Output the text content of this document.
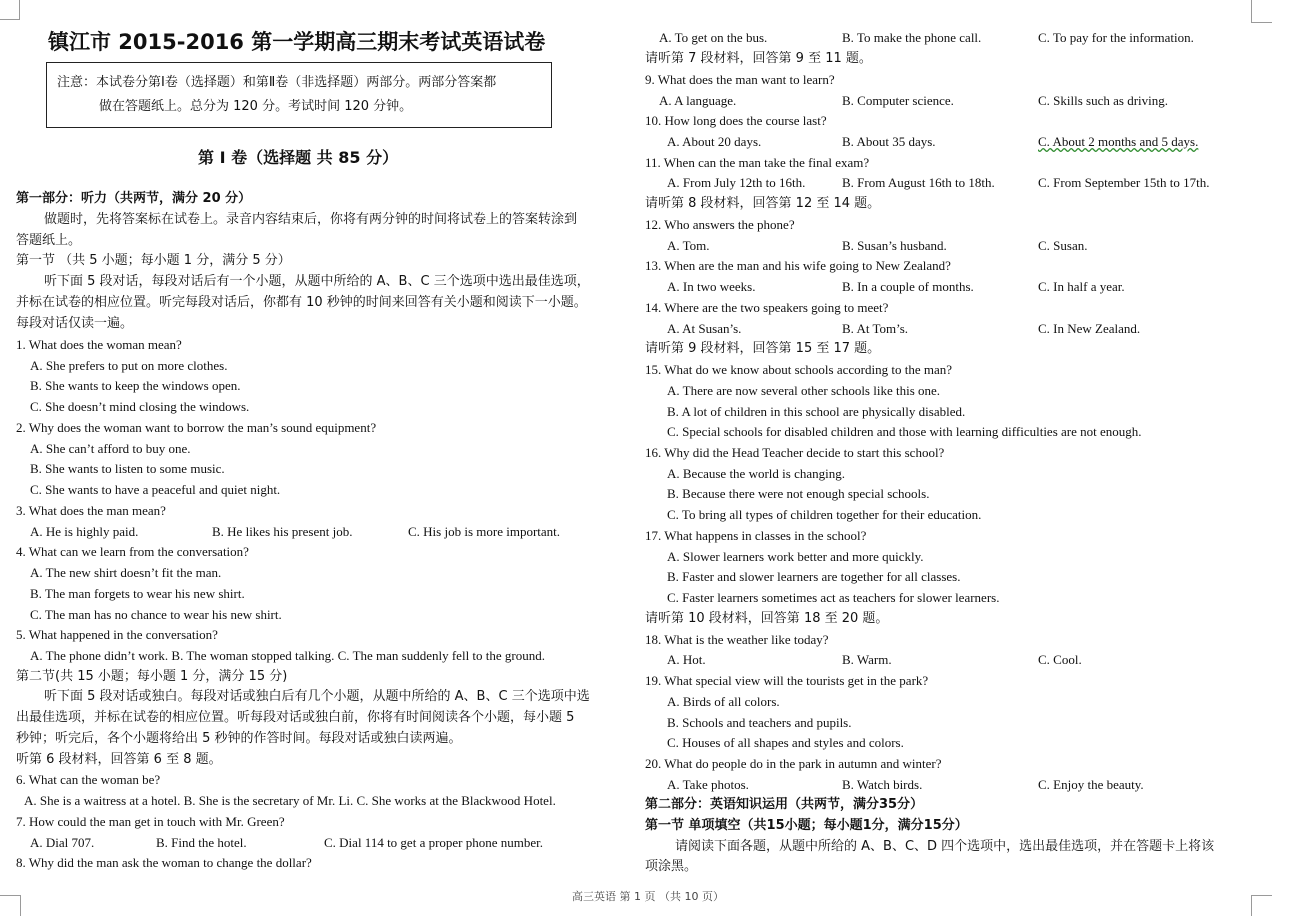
镇江市 2015-2016 第一学期高三期末考试英语试卷
注意：本试卷分第Ⅰ卷（选择题）和第Ⅱ卷（非选择题）两部分。两部分答案都
做在答题纸上。总分为 120 分。考试时间 120 分钟。
第 I 卷（选择题 共 85 分）
第一部分：听力（共两节，满分 20 分）
做题时，先将答案标在试卷上。录音内容结束后，你将有两分钟的时间将试卷上的答案转涂到
答题纸上。
第一节 （共 5 小题；每小题 1 分，满分 5 分）
听下面 5 段对话，每段对话后有一个小题，从题中所给的 A、B、C 三个选项中选出最佳选项，
并标在试卷的相应位置。听完每段对话后，你都有 10 秒钟的时间来回答有关小题和阅读下一小题。
每段对话仅读一遍。
1. What does the woman mean?
A. She prefers to put on more clothes.
B. She wants to keep the windows open.
C. She doesn’t mind closing the windows.
2. Why does the woman want to borrow the man’s sound equipment?
A. She can’t afford to buy one.
B. She wants to listen to some music.
C. She wants to have a peaceful and quiet night.
3. What does the man mean?
A. He is highly paid.	B. He likes his present job.	C. His job is more important.
4. What can we learn from the conversation?
A. The new shirt doesn’t fit the man.
B. The man forgets to wear his new shirt.
C. The man has no chance to wear his new shirt.
5. What happened in the conversation?
A. The phone didn’t work. B. The woman stopped talking. C. The man suddenly fell to the ground.
第二节(共 15 小题；每小题 1 分，满分 15 分)
听下面 5 段对话或独白。每段对话或独白后有几个小题，从题中所给的 A、B、C 三个选项中选
出最佳选项，并标在试卷的相应位置。听每段对话或独白前，你将有时间阅读各个小题，每小题 5
秒钟；听完后，各个小题将给出 5 秒钟的作答时间。每段对话或独白读两遍。
听第 6 段材料，回答第 6 至 8 题。
6. What can the woman be?
A. She is a waitress at a hotel. B. She is the secretary of Mr. Li. C. She works at the Blackwood Hotel.
7. How could the man get in touch with Mr. Green?
A. Dial 707.	B. Find the hotel.	C. Dial 114 to get a proper phone number.
8. Why did the man ask the woman to change the dollar?
A. To get on the bus.	B. To make the phone call.	C. To pay for the information.
请听第 7 段材料，回答第 9 至 11 题。
9. What does the man want to learn?
A. A language.	B. Computer science.	C. Skills such as driving.
10. How long does the course last?
A. About 20 days.	B. About 35 days.	C. About 2 months and 5 days.
11. When can the man take the final exam?
A. From July 12th to 16th.	B. From August 16th to 18th.	C. From September 15th to 17th.
请听第 8 段材料，回答第 12 至 14 题。
12. Who answers the phone?
A. Tom.	B. Susan’s husband.	C. Susan.
13. When are the man and his wife going to New Zealand?
A. In two weeks.	B. In a couple of months.	C. In half a year.
14. Where are the two speakers going to meet?
A. At Susan’s.	B. At Tom’s.	C. In New Zealand.
请听第 9 段材料，回答第 15 至 17 题。
15. What do we know about schools according to the man?
A. There are now several other schools like this one.
B. A lot of children in this school are physically disabled.
C. Special schools for disabled children and those with learning difficulties are not enough.
16. Why did the Head Teacher decide to start this school?
A. Because the world is changing.
B. Because there were not enough special schools.
C. To bring all types of children together for their education.
17. What happens in classes in the school?
A. Slower learners work better and more quickly.
B. Faster and slower learners are together for all classes.
C. Faster learners sometimes act as teachers for slower learners.
请听第 10 段材料，回答第 18 至 20 题。
18. What is the weather like today?
A. Hot.	B. Warm.	C. Cool.
19. What special view will the tourists get in the park?
A. Birds of all colors.
B. Schools and teachers and pupils.
C. Houses of all shapes and styles and colors.
20. What do people do in the park in autumn and winter?
A. Take photos.	B. Watch birds.	C. Enjoy the beauty.
第二部分：英语知识运用（共两节，满分35分）
第一节 单项填空（共15小题；每小题1分，满分15分）
请阅读下面各题，从题中所给的 A、B、C、D 四个选项中，选出最佳选项，并在答题卡上将该
项涂黑。
高三英语 第 1 页 （共 10 页）
